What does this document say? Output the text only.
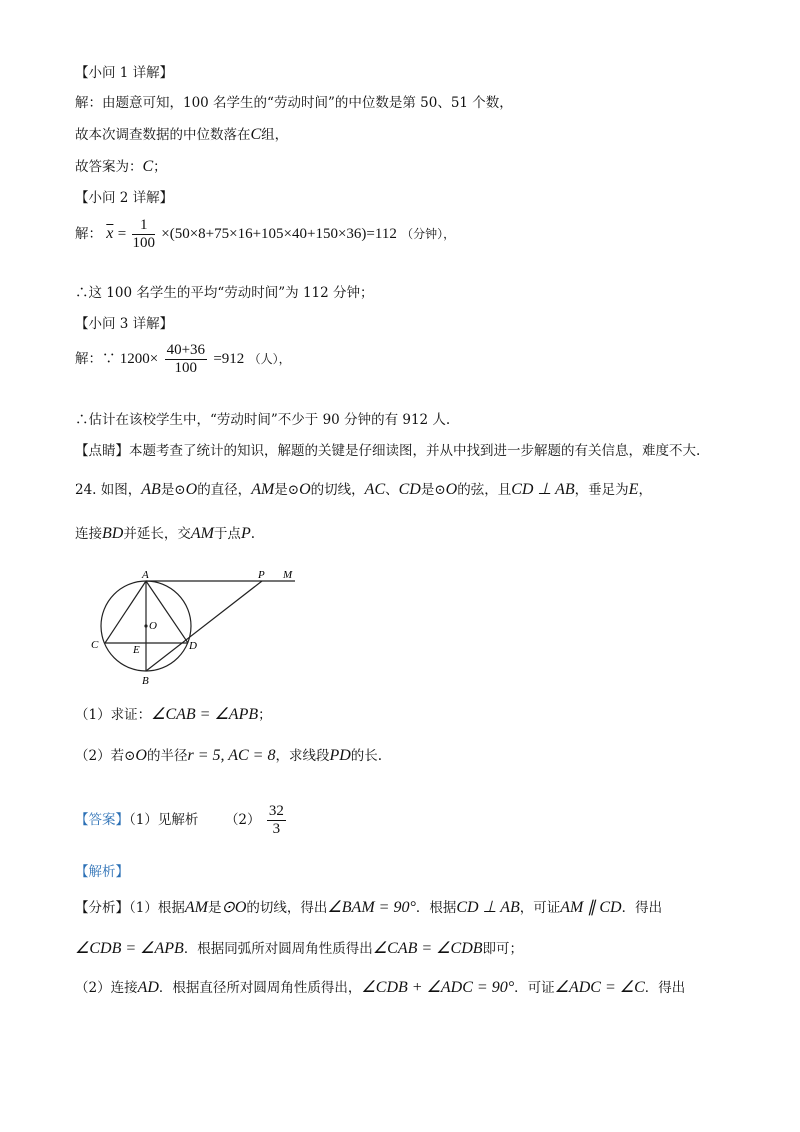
【小问 1 详解】
解：由题意可知，100 名学生的“劳动时间”的中位数是第 50、51 个数，
故本次调查数据的中位数落在C组，
故答案为：C；
【小问 2 详解】
解： $\overline{x} = \frac{1}{100} \times(50\times 8+75\times 16+105\times 40+150\times 36)=112$ （分钟），
∴这 100 名学生的平均“劳动时间”为 112 分钟；
【小问 3 详解】
解：∵ $1200\times \frac{40+36}{100} =912$ （人），
∴估计在该校学生中，“劳动时间”不少于 90 分钟的有 912 人.
【点睛】本题考查了统计的知识，解题的关键是仔细读图，并从中找到进一步解题的有关信息，难度不大.
24. 如图，AB是⊙O的直径，AM是⊙O的切线，AC、CD是⊙O的弦，且CD ⊥ AB，垂足为E，
连接BD并延长，交AM于点P.
A	P M
O
C	E	D
B
（1）求证：∠CAB = ∠APB；
（2）若⊙O的半径r = 5, AC = 8，求线段PD的长.
【答案】（1）见解析 $(2) \frac{32}{3}$
【解析】
【分析】（1）根据AM是⊙O的切线，得出∠BAM = 90°．根据CD ⊥ AB，可证AM ∥ CD．得出
∠CDB = ∠APB．根据同弧所对圆周角性质得出∠CAB = ∠CDB即可；
（2）连接AD．根据直径所对圆周角性质得出，∠CDB + ∠ADC = 90°．可证∠ADC = ∠C．得出
